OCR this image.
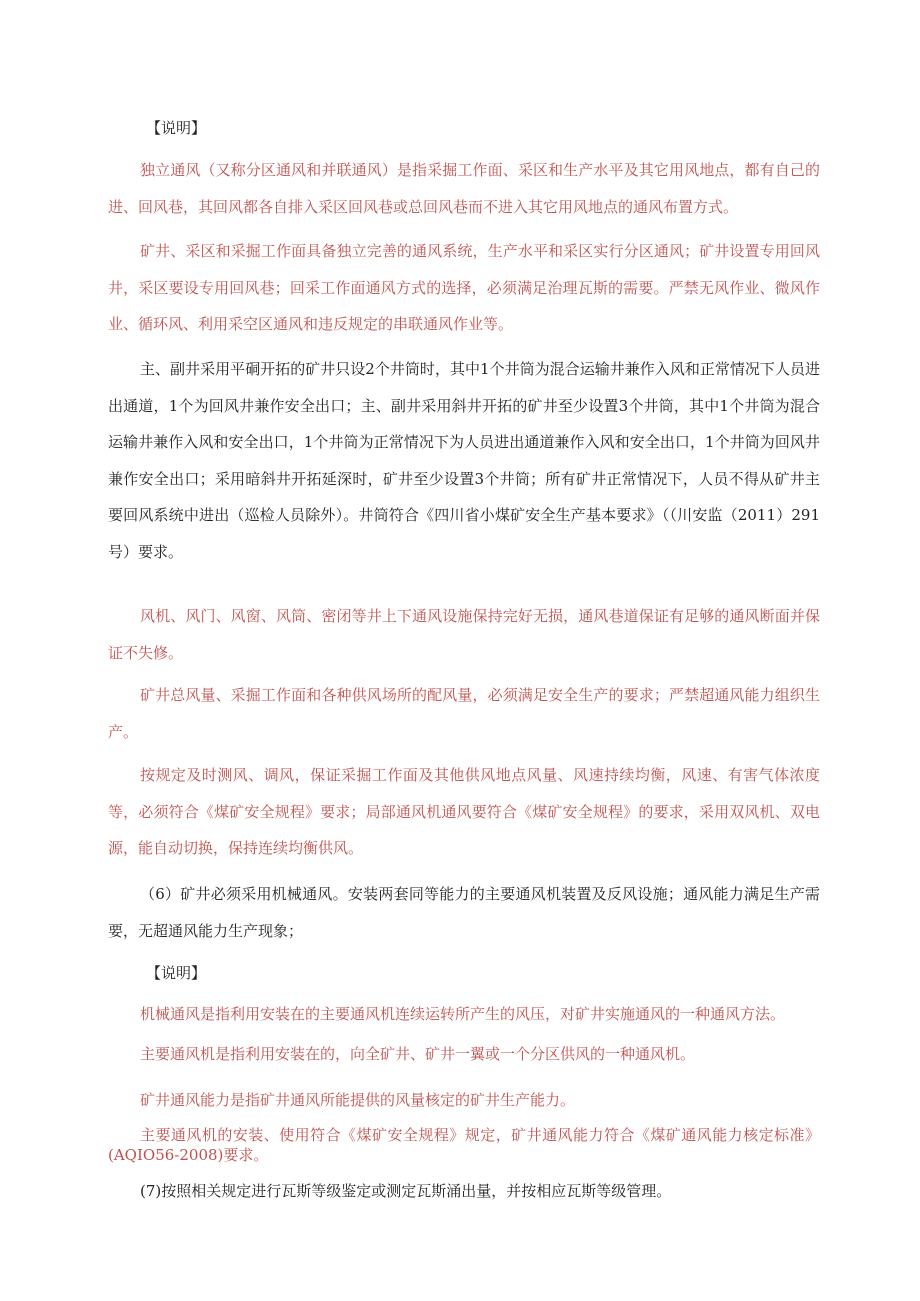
【说明】

独立通风（又称分区通风和并联通风）是指采掘工作面、采区和生产水平及其它用风地点，都有自己的进、回风巷，其回风都各自排入采区回风巷或总回风巷而不进入其它用风地点的通风布置方式。

矿井、采区和采掘工作面具备独立完善的通风系统，生产水平和采区实行分区通风；矿井设置专用回风井，采区要设专用回风巷；回采工作面通风方式的选择，必须满足治理瓦斯的需要。严禁无风作业、微风作业、循环风、利用采空区通风和违反规定的串联通风作业等。

主、副井采用平硐开拓的矿井只设2个井筒时，其中1个井筒为混合运输井兼作入风和正常情况下人员进出通道，1个为回风井兼作安全出口；主、副井采用斜井开拓的矿井至少设置3个井筒，其中1个井筒为混合运输井兼作入风和安全出口，1个井筒为正常情况下为人员进出通道兼作入风和安全出口，1个井筒为回风井兼作安全出口；采用暗斜井开拓延深时，矿井至少设置3个井筒；所有矿井正常情况下，人员不得从矿井主要回风系统中进出（巡检人员除外）。井筒符合《四川省小煤矿安全生产基本要求》（（川安监（2011）291号）要求。

风机、风门、风窗、风筒、密闭等井上下通风设施保持完好无损，通风巷道保证有足够的通风断面并保证不失修。

矿井总风量、采掘工作面和各种供风场所的配风量，必须满足安全生产的要求；严禁超通风能力组织生产。

按规定及时测风、调风，保证采掘工作面及其他供风地点风量、风速持续均衡，风速、有害气体浓度等，必须符合《煤矿安全规程》要求；局部通风机通风要符合《煤矿安全规程》的要求，采用双风机、双电源，能自动切换，保持连续均衡供风。

（6）矿井必须采用机械通风。安装两套同等能力的主要通风机装置及反风设施；通风能力满足生产需要，无超通风能力生产现象；

【说明】

机械通风是指利用安装在的主要通风机连续运转所产生的风压，对矿井实施通风的一种通风方法。

主要通风机是指利用安装在的，向全矿井、矿井一翼或一个分区供风的一种通风机。

矿井通风能力是指矿井通风所能提供的风量核定的矿井生产能力。

主要通风机的安装、使用符合《煤矿安全规程》规定，矿井通风能力符合《煤矿通风能力核定标准》(AQIO56-2008)要求。

(7)按照相关规定进行瓦斯等级鉴定或测定瓦斯涌出量，并按相应瓦斯等级管理。
